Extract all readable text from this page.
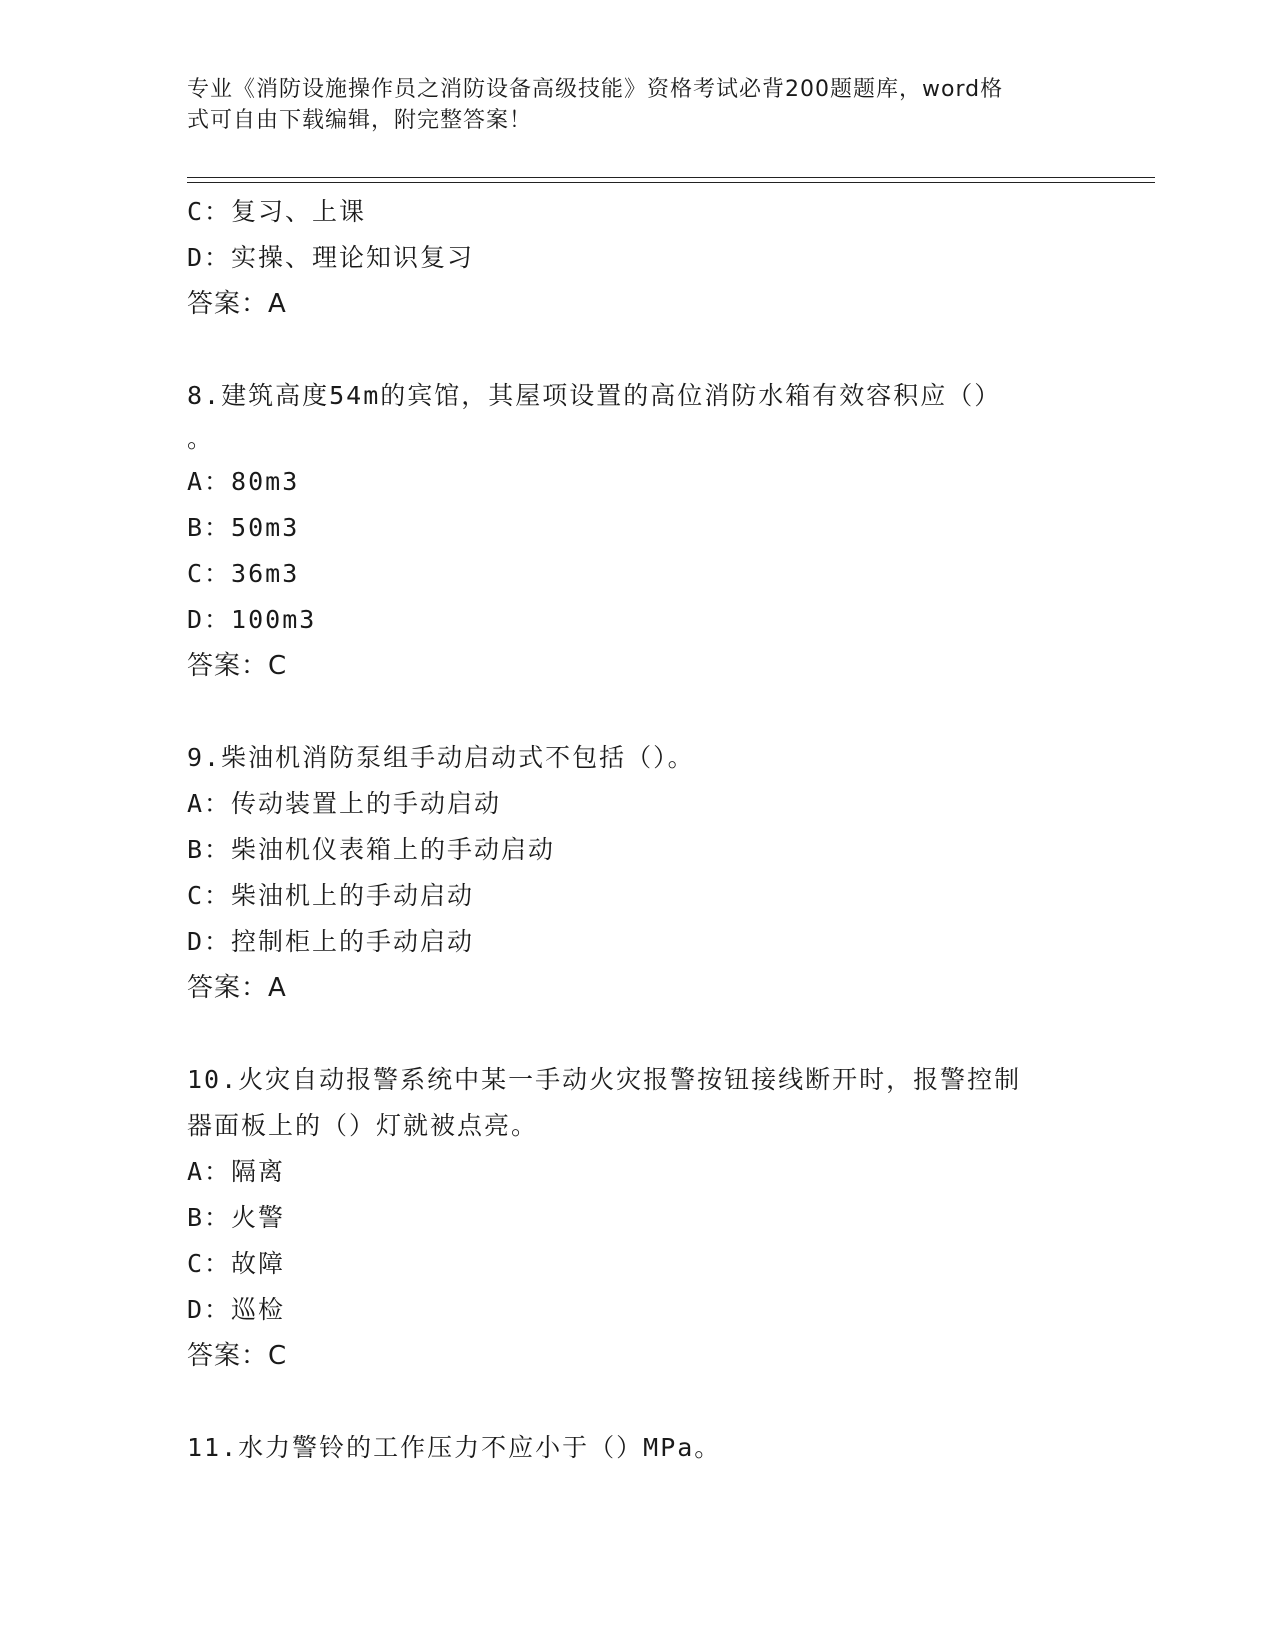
专业《消防设施操作员之消防设备高级技能》资格考试必背200题题库，word格
式可自由下载编辑，附完整答案！
C：复习、上课
D：实操、理论知识复习
答案：A
8.建筑高度54m的宾馆，其屋项设置的高位消防水箱有效容积应（）
。
A：80m3
B：50m3
C：36m3
D：100m3
答案：C
9.柴油机消防泵组手动启动式不包括（）。
A：传动装置上的手动启动
B：柴油机仪表箱上的手动启动
C：柴油机上的手动启动
D：控制柜上的手动启动
答案：A
10.火灾自动报警系统中某一手动火灾报警按钮接线断开时，报警控制
器面板上的（）灯就被点亮。
A：隔离
B：火警
C：故障
D：巡检
答案：C
11.水力警铃的工作压力不应小于（）MPa。
